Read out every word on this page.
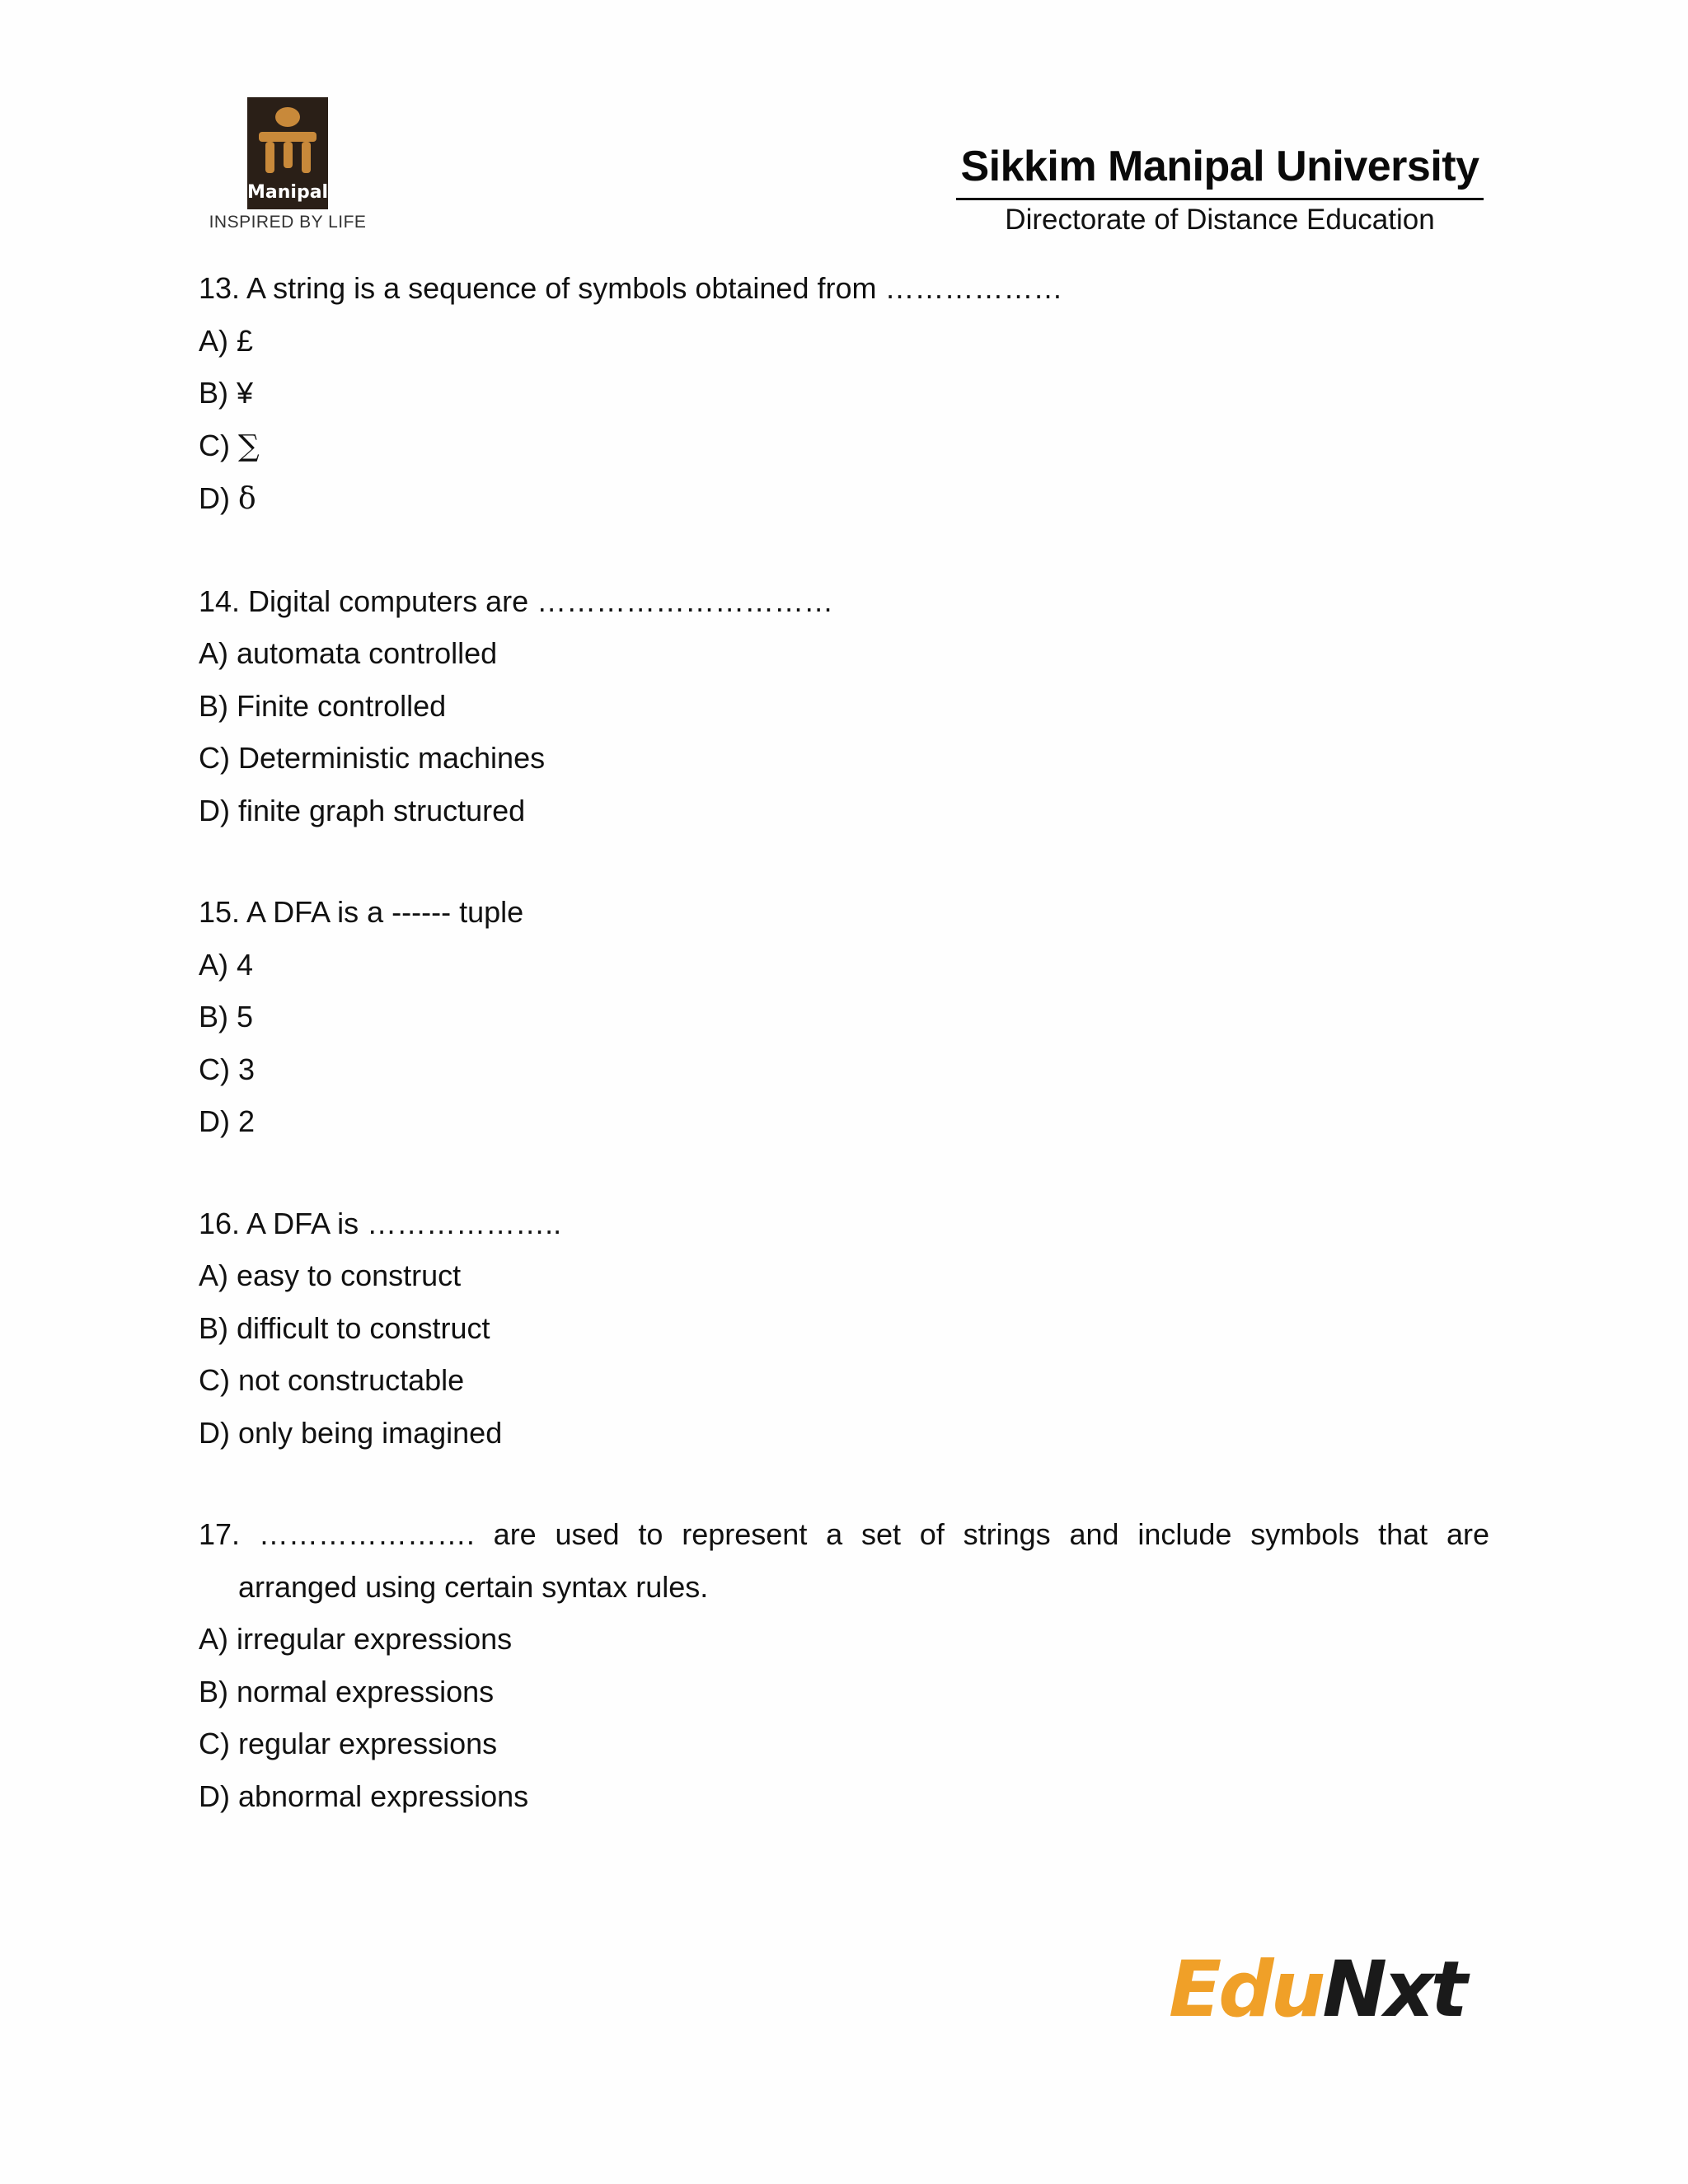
Manipal
INSPIRED BY LIFE
Sikkim Manipal University
Directorate of Distance Education
13. A string is a sequence of symbols obtained from ………………
A) £
B) ¥
C) ∑
D) δ
14. Digital computers are …………………………
A) automata controlled
B) Finite controlled
C) Deterministic machines
D) finite graph structured
15. A DFA is a ------ tuple
A) 4
B) 5
C) 3
D) 2
16. A DFA is ………………..
A) easy to construct
B) difficult to construct
C) not constructable
D) only being imagined
17. …………………. are used to represent a set of strings and include symbols that are
arranged using certain syntax rules.
A) irregular expressions
B) normal expressions
C) regular expressions
D) abnormal expressions
EduNxt
